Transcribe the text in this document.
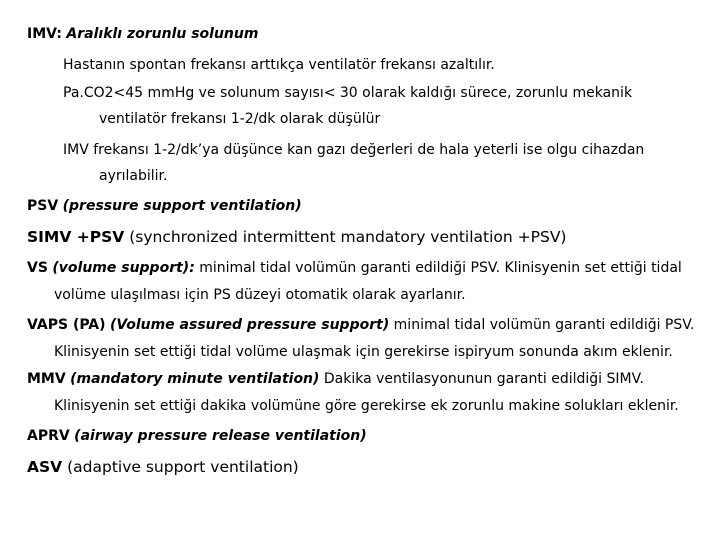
IMV: Aralıklı zorunlu solunum
Hastanın spontan frekansı arttıkça ventilatör frekansı azaltılır.
Pa.CO2<45 mmHg ve solunum sayısı< 30 olarak kaldığı sürece, zorunlu mekanik
ventilatör frekansı 1-2/dk olarak düşülür
IMV frekansı 1-2/dk’ya düşünce kan gazı değerleri de hala yeterli ise olgu cihazdan
ayrılabilir.
PSV (pressure support ventilation)
SIMV +PSV (synchronized intermittent mandatory ventilation +PSV)
VS (volume support): minimal tidal volümün garanti edildiği PSV. Klinisyenin set ettiği tidal
volüme ulaşılması için PS düzeyi otomatik olarak ayarlanır.
VAPS (PA) (Volume assured pressure support) minimal tidal volümün garanti edildiği PSV.
Klinisyenin set ettiği tidal volüme ulaşmak için gerekirse ispiryum sonunda akım eklenir.
MMV (mandatory minute ventilation) Dakika ventilasyonunun garanti edildiği SIMV.
Klinisyenin set ettiği dakika volümüne göre gerekirse ek zorunlu makine solukları eklenir.
APRV (airway pressure release ventilation)
ASV (adaptive support ventilation)
